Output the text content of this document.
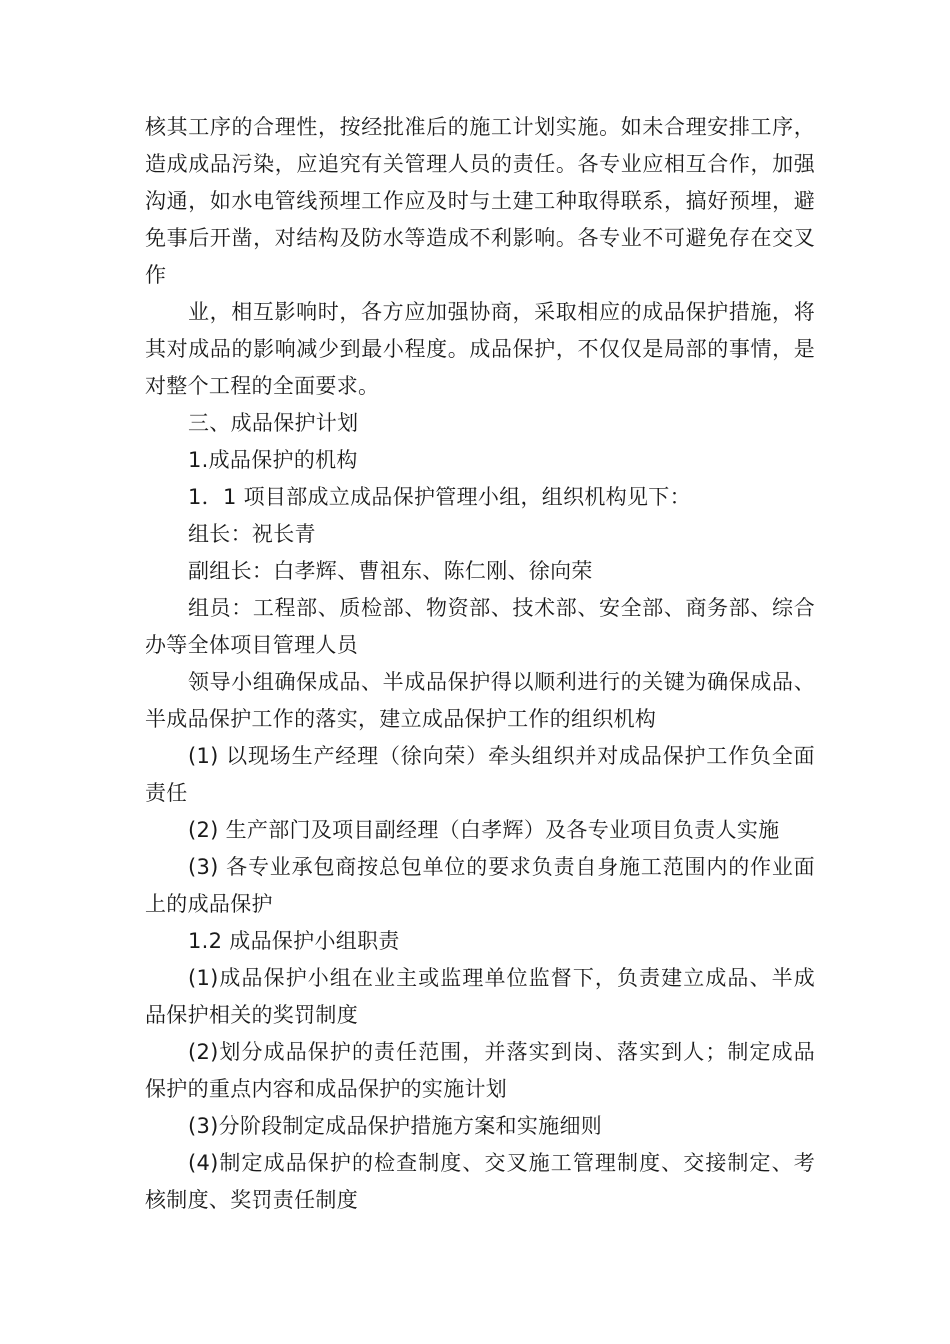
核其工序的合理性，按经批准后的施工计划实施。如未合理安排工序，造成成品污染，应追究有关管理人员的责任。各专业应相互合作，加强沟通，如水电管线预埋工作应及时与土建工种取得联系，搞好预埋，避免事后开凿，对结构及防水等造成不利影响。各专业不可避免存在交叉作

业，相互影响时，各方应加强协商，采取相应的成品保护措施，将其对成品的影响减少到最小程度。成品保护，不仅仅是局部的事情，是对整个工程的全面要求。

三、成品保护计划

1.成品保护的机构

1．1 项目部成立成品保护管理小组，组织机构见下：

组长：祝长青

副组长：白孝辉、曹祖东、陈仁刚、徐向荣

组员：工程部、质检部、物资部、技术部、安全部、商务部、综合办等全体项目管理人员

领导小组确保成品、半成品保护得以顺利进行的关键为确保成品、半成品保护工作的落实，建立成品保护工作的组织机构

(1) 以现场生产经理（徐向荣）牵头组织并对成品保护工作负全面责任

(2) 生产部门及项目副经理（白孝辉）及各专业项目负责人实施

(3) 各专业承包商按总包单位的要求负责自身施工范围内的作业面上的成品保护

1.2 成品保护小组职责

(1)成品保护小组在业主或监理单位监督下，负责建立成品、半成品保护相关的奖罚制度

(2)划分成品保护的责任范围，并落实到岗、落实到人；制定成品保护的重点内容和成品保护的实施计划

(3)分阶段制定成品保护措施方案和实施细则

(4)制定成品保护的检查制度、交叉施工管理制度、交接制定、考核制度、奖罚责任制度
